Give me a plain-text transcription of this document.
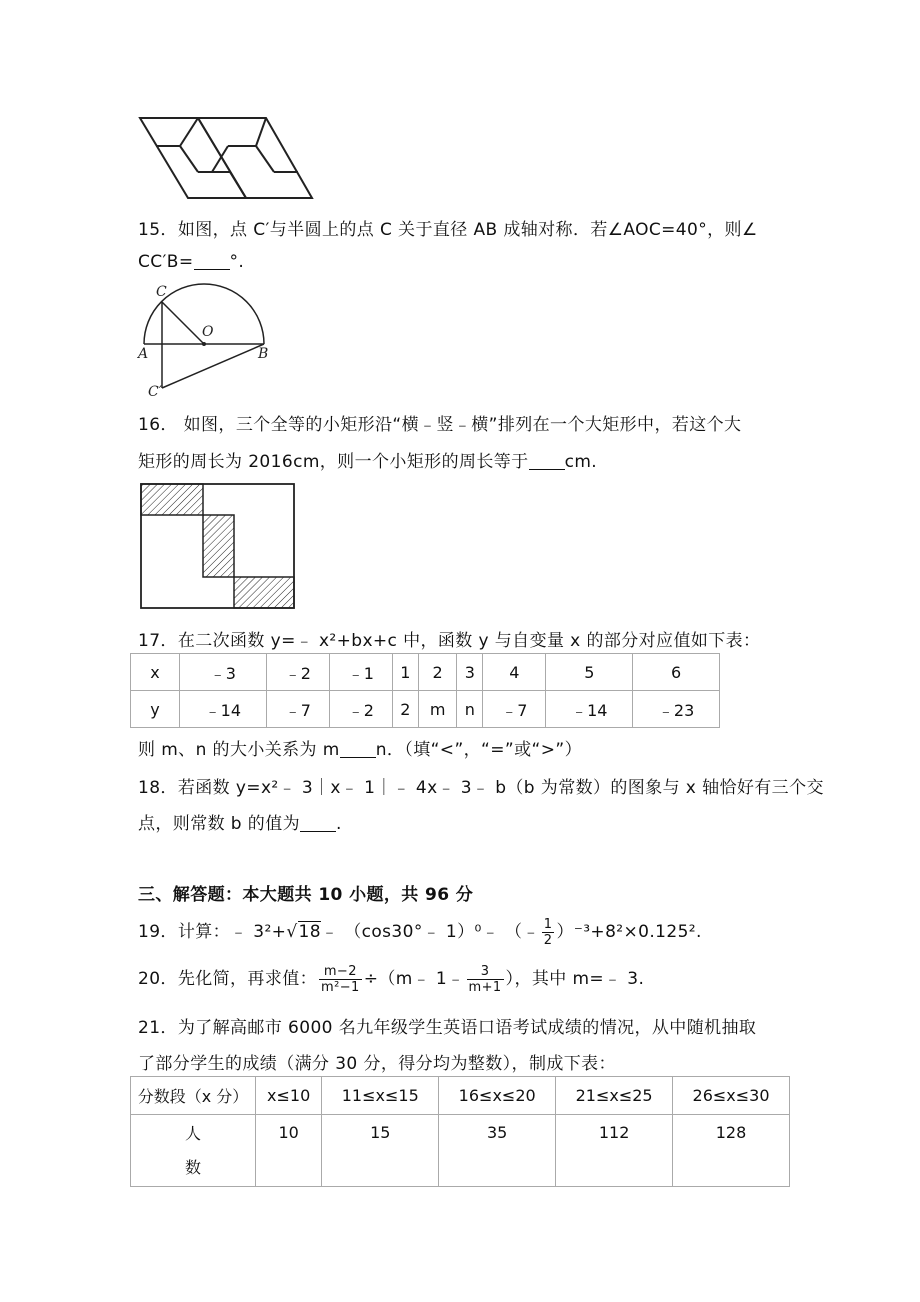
15．如图，点 C′与半圆上的点 C 关于直径 AB 成轴对称．若∠AOC=40°，则∠
CC′B= °.
C
O
A	B
C′
16． 如图，三个全等的小矩形沿“横﹣竖﹣横”排列在一个大矩形中，若这个大
矩形的周长为 2016cm，则一个小矩形的周长等于 cm.
17．在二次函数 y=﹣ x²+bx+c 中，函数 y 与自变量 x 的部分对应值如下表：
x	﹣3	﹣2	﹣1	1	2	3	4	5	6
y	﹣14	﹣7	﹣2	2	m	n	﹣7	﹣14	﹣23
则 m、n 的大小关系为 m n．（填“<”，“=”或“>”）
18．若函数 y=x²﹣ 3｜x﹣ 1｜﹣ 4x﹣ 3﹣ b（b 为常数）的图象与 x 轴恰好有三个交
点，则常数 b 的值为 .
三、解答题：本大题共 10 小题，共 96 分
19．计算：﹣ 3²+√18﹣ （cos30°﹣ 1）⁰﹣ （﹣ $\frac{1}{2} )^{-3}+8^2\times 0.125^2$.
20．先化简，再求值： $\frac{m-2}{\text{m²−1}}$ ÷（m﹣ 1﹣ $\frac{3}{m+1}$ ），其中 m=﹣ 3.
21．为了解高邮市 6000 名九年级学生英语口语考试成绩的情况，从中随机抽取
了部分学生的成绩（满分 30 分，得分均为整数），制成下表：
分数段（x 分）	x≤10	11≤x≤15	16≤x≤20	21≤x≤25	26≤x≤30

人
数	10	15	35	112	128
